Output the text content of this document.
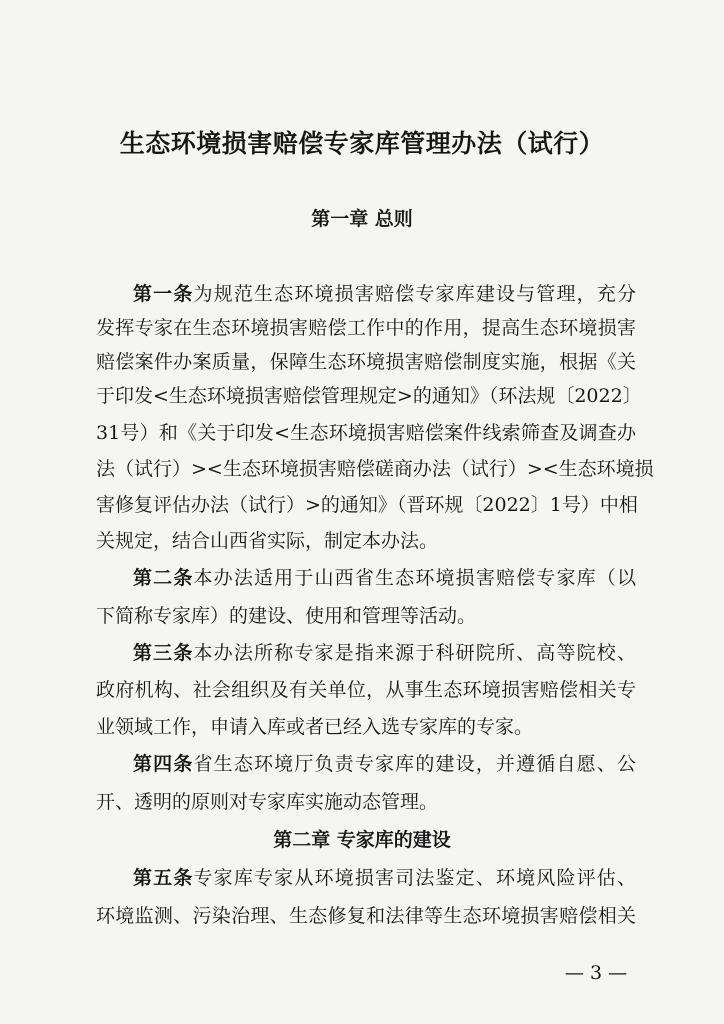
生态环境损害赔偿专家库管理办法（试行）
第一章 总则
第一条为规范生态环境损害赔偿专家库建设与管理，充分
发挥专家在生态环境损害赔偿工作中的作用，提高生态环境损害
赔偿案件办案质量，保障生态环境损害赔偿制度实施，根据《关
于印发<生态环境损害赔偿管理规定>的通知》（环法规〔2022〕
31号）和《关于印发<生态环境损害赔偿案件线索筛查及调查办
法（试行）><生态环境损害赔偿磋商办法（试行）><生态环境损
害修复评估办法（试行）>的通知》（晋环规〔2022〕1号）中相
关规定，结合山西省实际，制定本办法。
第二条本办法适用于山西省生态环境损害赔偿专家库（以
下简称专家库）的建设、使用和管理等活动。
第三条本办法所称专家是指来源于科研院所、高等院校、
政府机构、社会组织及有关单位，从事生态环境损害赔偿相关专
业领域工作，申请入库或者已经入选专家库的专家。
第四条省生态环境厅负责专家库的建设，并遵循自愿、公
开、透明的原则对专家库实施动态管理。
第二章 专家库的建设
第五条专家库专家从环境损害司法鉴定、环境风险评估、
环境监测、污染治理、生态修复和法律等生态环境损害赔偿相关
— 3 —
